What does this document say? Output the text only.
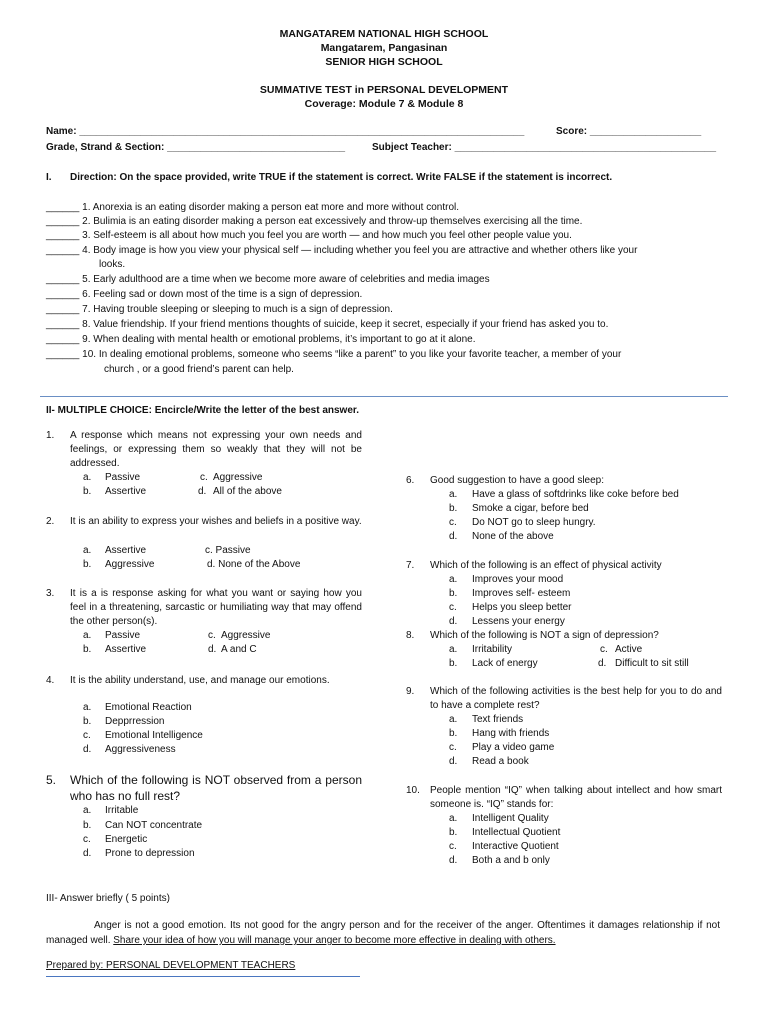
MANGATAREM NATIONAL HIGH SCHOOL
Mangatarem, Pangasinan
SENIOR HIGH SCHOOL
SUMMATIVE TEST in PERSONAL DEVELOPMENT
Coverage: Module 7 & Module 8
Name: ________________________________________________________________________________	Score: ____________________
Grade, Strand & Section: ________________________________	Subject Teacher: _______________________________________________
I. Direction: On the space provided, write TRUE if the statement is correct. Write FALSE if the statement is incorrect.
______ 1. Anorexia is an eating disorder making a person eat more and more without control.
______ 2. Bulimia is an eating disorder making a person eat excessively and throw-up themselves exercising all the time.
______ 3. Self-esteem is all about how much you feel you are worth — and how much you feel other people value you.
______ 4. Body image is how you view your physical self — including whether you feel you are attractive and whether others like your
looks.
______ 5. Early adulthood are a time when we become more aware of celebrities and media images
______ 6. Feeling sad or down most of the time is a sign of depression.
______ 7. Having trouble sleeping or sleeping to much is a sign of depression.
______ 8. Value friendship. If your friend mentions thoughts of suicide, keep it secret, especially if your friend has asked you to.
______ 9. When dealing with mental health or emotional problems, it’s important to go at it alone.
______ 10. In dealing emotional problems, someone who seems “like a parent” to you like your favorite teacher, a member of your
church , or a good friend’s parent can help.
II- MULTIPLE CHOICE: Encircle/Write the letter of the best answer.
1. A response which means not expressing your own needs and feelings, or expressing them so weakly that they will not be addressed.
a. Passive	c. Aggressive
b. Assertive	d. All of the above
2. It is an ability to express your wishes and beliefs in a positive way.
a. Assertive	c. Passive
b. Aggressive	d. None of the Above
3. It is a is response asking for what you want or saying how you feel in a threatening, sarcastic or humiliating way that may offend the other person(s).
a. Passive	c. Aggressive
b. Assertive	d. A and C
4. It is the ability understand, use, and manage our emotions.
a. Emotional Reaction
b. Depprression
c. Emotional Intelligence
d. Aggressiveness
5. Which of the following is NOT observed from a person who has no full rest?
a. Irritable
b. Can NOT concentrate
c. Energetic
d. Prone to depression
6. Good suggestion to have a good sleep:
a. Have a glass of softdrinks like coke before bed
b. Smoke a cigar, before bed
c. Do NOT go to sleep hungry.
d. None of the above
7. Which of the following is an effect of physical activity
a. Improves your mood
b. Improves self- esteem
c. Helps you sleep better
d. Lessens your energy
8. Which of the following is NOT a sign of depression?
a. Irritability	c. Active
b. Lack of energy	d. Difficult to sit still
9. Which of the following activities is the best help for you to do and to have a complete rest?
a. Text friends
b. Hang with friends
c. Play a video game
d. Read a book
10. People mention “IQ” when talking about intellect and how smart someone is. “IQ” stands for:
a. Intelligent Quality
b. Intellectual Quotient
c. Interactive Quotient
d. Both a and b only
III- Answer briefly ( 5 points)
Anger is not a good emotion. Its not good for the angry person and for the receiver of the anger. Oftentimes it damages relationship if not managed well. Share your idea of how you will manage your anger to become more effective in dealing with others.
Prepared by: PERSONAL DEVELOPMENT TEACHERS
